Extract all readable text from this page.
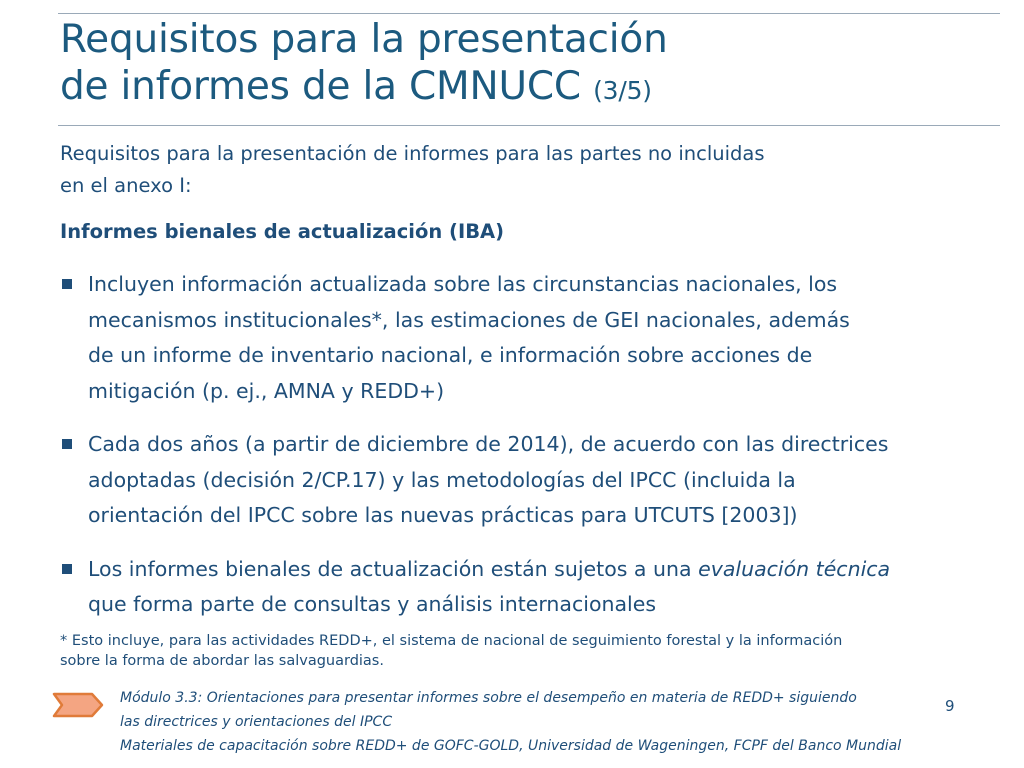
Requisitos para la presentación
de informes de la CMNUCC (3/5)
Requisitos para la presentación de informes para las partes no incluidas
en el anexo I:
Informes bienales de actualización (IBA)
Incluyen información actualizada sobre las circunstancias nacionales, los
mecanismos institucionales*, las estimaciones de GEI nacionales, además
de un informe de inventario nacional, e información sobre acciones de
mitigación (p. ej., AMNA y REDD+)
Cada dos años (a partir de diciembre de 2014), de acuerdo con las directrices
adoptadas (decisión 2/CP.17) y las metodologías del IPCC (incluida la
orientación del IPCC sobre las nuevas prácticas para UTCUTS [2003])
Los informes bienales de actualización están sujetos a una evaluación técnica
que forma parte de consultas y análisis internacionales
* Esto incluye, para las actividades REDD+, el sistema de nacional de seguimiento forestal y la información
sobre la forma de abordar las salvaguardias.
Módulo 3.3: Orientaciones para presentar informes sobre el desempeño en materia de REDD+ siguiendo
las directrices y orientaciones del IPCC
Materiales de capacitación sobre REDD+ de GOFC-GOLD, Universidad de Wageningen, FCPF del Banco Mundial
9
